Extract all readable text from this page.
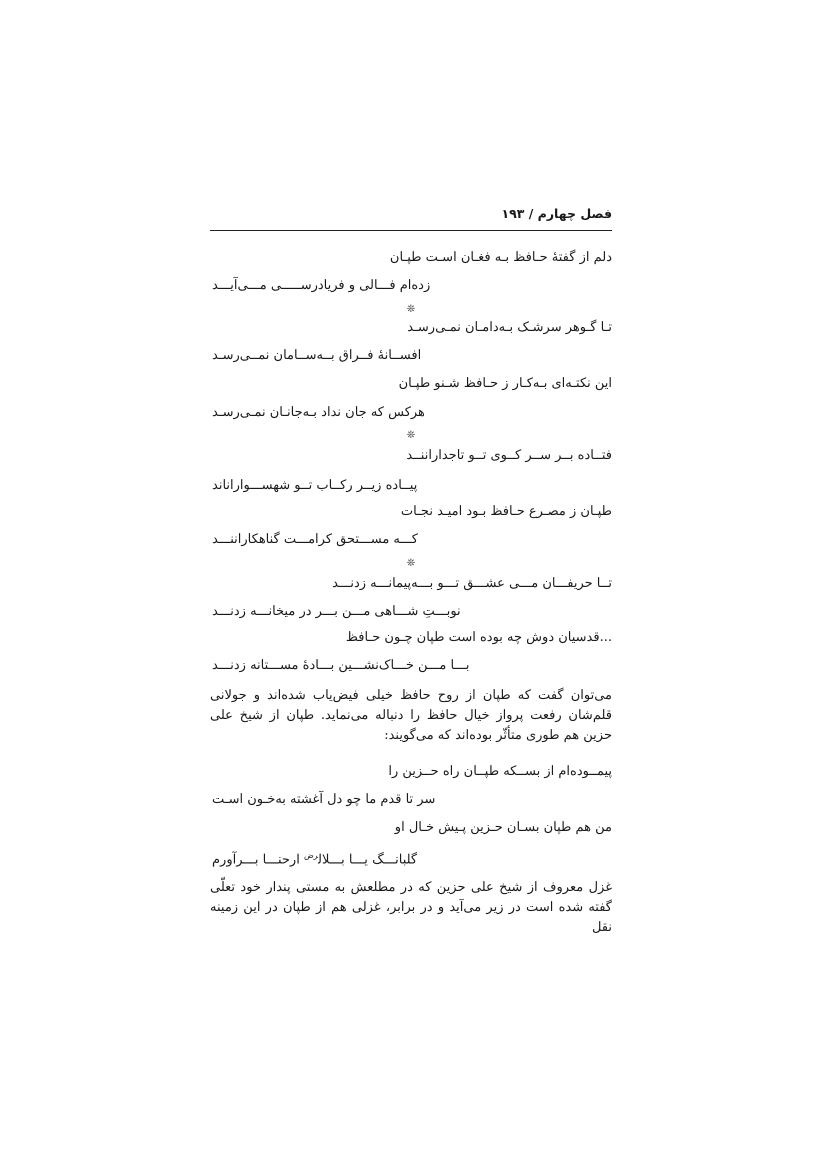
فصل چهارم / ۱۹۳
دلم از گفتهٔ حـافظ بـه فغـان اسـت طپـان
زده‌ام فـــالی و فریادرســـــی مـــی‌آیـــد
❊
تـا گـوهر سرشـک بـه‌دامـان نمـی‌رسـد
افســانهٔ فــراق بــه‌ســامان نمــی‌رسـد
این نکتـه‌ای بـه‌کـار ز حـافظ شـنو طپـان
هرکس که جان نداد بـه‌جانـان نمـی‌رسـد
❊
فتــاده بــر ســر کــوی تــو تاجداراننــد
پیــاده زیــر رکــاب تــو شهســـواراناند
طپـان ز مصـرع حـافظ بـود امیـد نجـات
کـــه مســـتحق کرامـــت گناهکاراننـــد
❊
تــا حریفـــان مـــی عشـــق تـــو بـــه‌پیمانـــه زدنـــد
نوبـــتِ شـــاهی مـــن بـــر در میخانـــه زدنـــد
...قدسیان دوش چه بوده است طپان چـون حـافظ
بـــا مـــن خـــاک‌نشـــین بـــادهٔ مســـتانه زدنـــد
می‌توان گفت که طپان از روح حافظ خیلی فیض‌یاب شده‌اند و جولانی قلم‌شان رفعت پرواز خیال حافظ را دنباله می‌نماید. طپان از شیخ علی حزین هم طوری متأثّر بوده‌اند که می‌گویند:
پیمــوده‌ام از بســکه طپــان راه حــزین را
سر تا قدم ما چو دل آغشته به‌خـون اسـت
من هم طپان بسـان حـزین پـیش خـال او
گلبانـــگ یـــا بـــلال$^{رض}$ ارحنـــا بـــرآورم
غزل معروف از شیخ علی حزین که در مطلعش به مستی پندار خود تعلّی گفته شده است در زیر می‌آید و در برابر، غزلی هم از طپان در این زمینه نقل
